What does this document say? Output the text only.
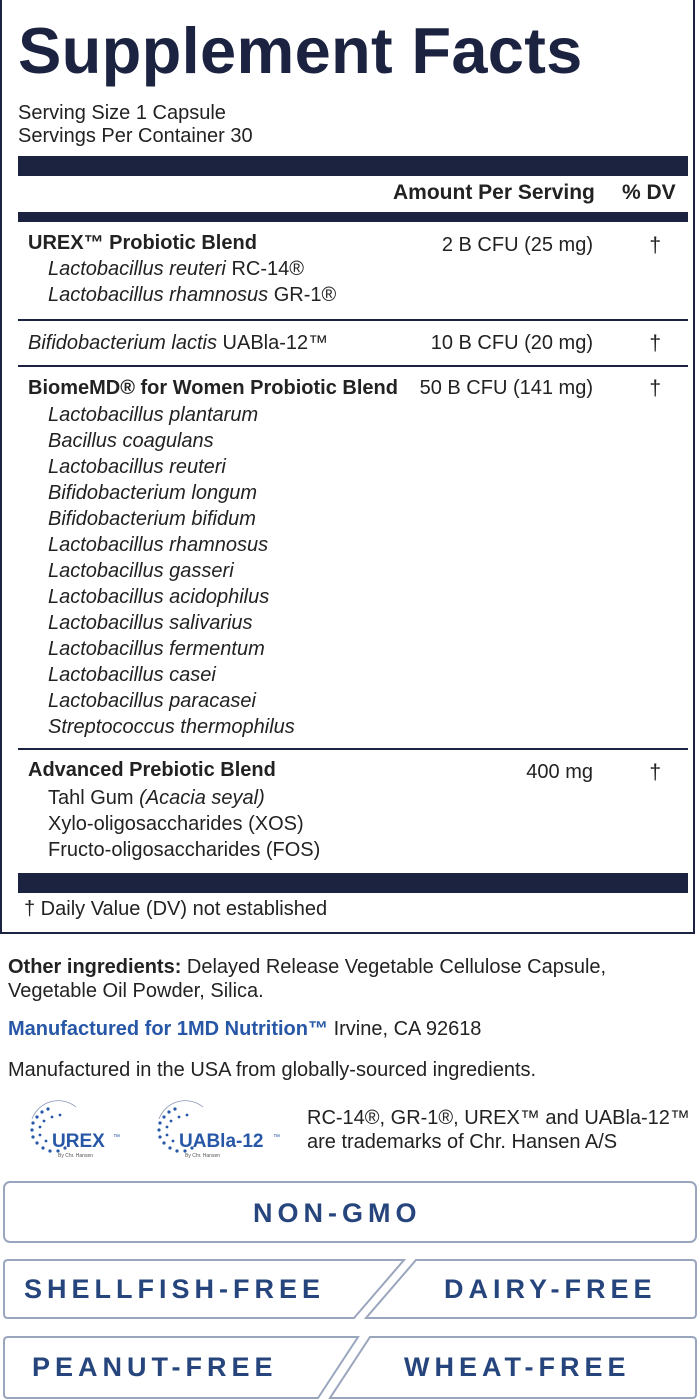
Supplement Facts
Serving Size 1 Capsule
Servings Per Container 30
Amount Per Serving % DV
UREX™ Probiotic Blend	2 B CFU (25 mg)	†
Lactobacillus reuteri RC-14®
Lactobacillus rhamnosus GR-1®
Bifidobacterium lactis UABla-12™	10 B CFU (20 mg)	†
BiomeMD® for Women Probiotic Blend 50 B CFU (141 mg)	†
Lactobacillus plantarum
Bacillus coagulans
Lactobacillus reuteri
Bifidobacterium longum
Bifidobacterium bifidum
Lactobacillus rhamnosus
Lactobacillus gasseri
Lactobacillus acidophilus
Lactobacillus salivarius
Lactobacillus fermentum
Lactobacillus casei
Lactobacillus paracasei
Streptococcus thermophilus
Advanced Prebiotic Blend	400 mg	†
Tahl Gum (Acacia seyal)
Xylo-oligosaccharides (XOS)
Fructo-oligosaccharides (FOS)
† Daily Value (DV) not established
Other ingredients: Delayed Release Vegetable Cellulose Capsule,
Vegetable Oil Powder, Silica.
Manufactured for 1MD Nutrition™ Irvine, CA 92618
Manufactured in the USA from globally-sourced ingredients.
UREX ™
By Chr. Hansen
UABla-12 ™
By Chr. Hansen
RC-14®, GR-1®, UREX™ and UABla-12™
are trademarks of Chr. Hansen A/S
NON-GMO
SHELLFISH-FREE	DAIRY-FREE
PEANUT-FREE	WHEAT-FREE
